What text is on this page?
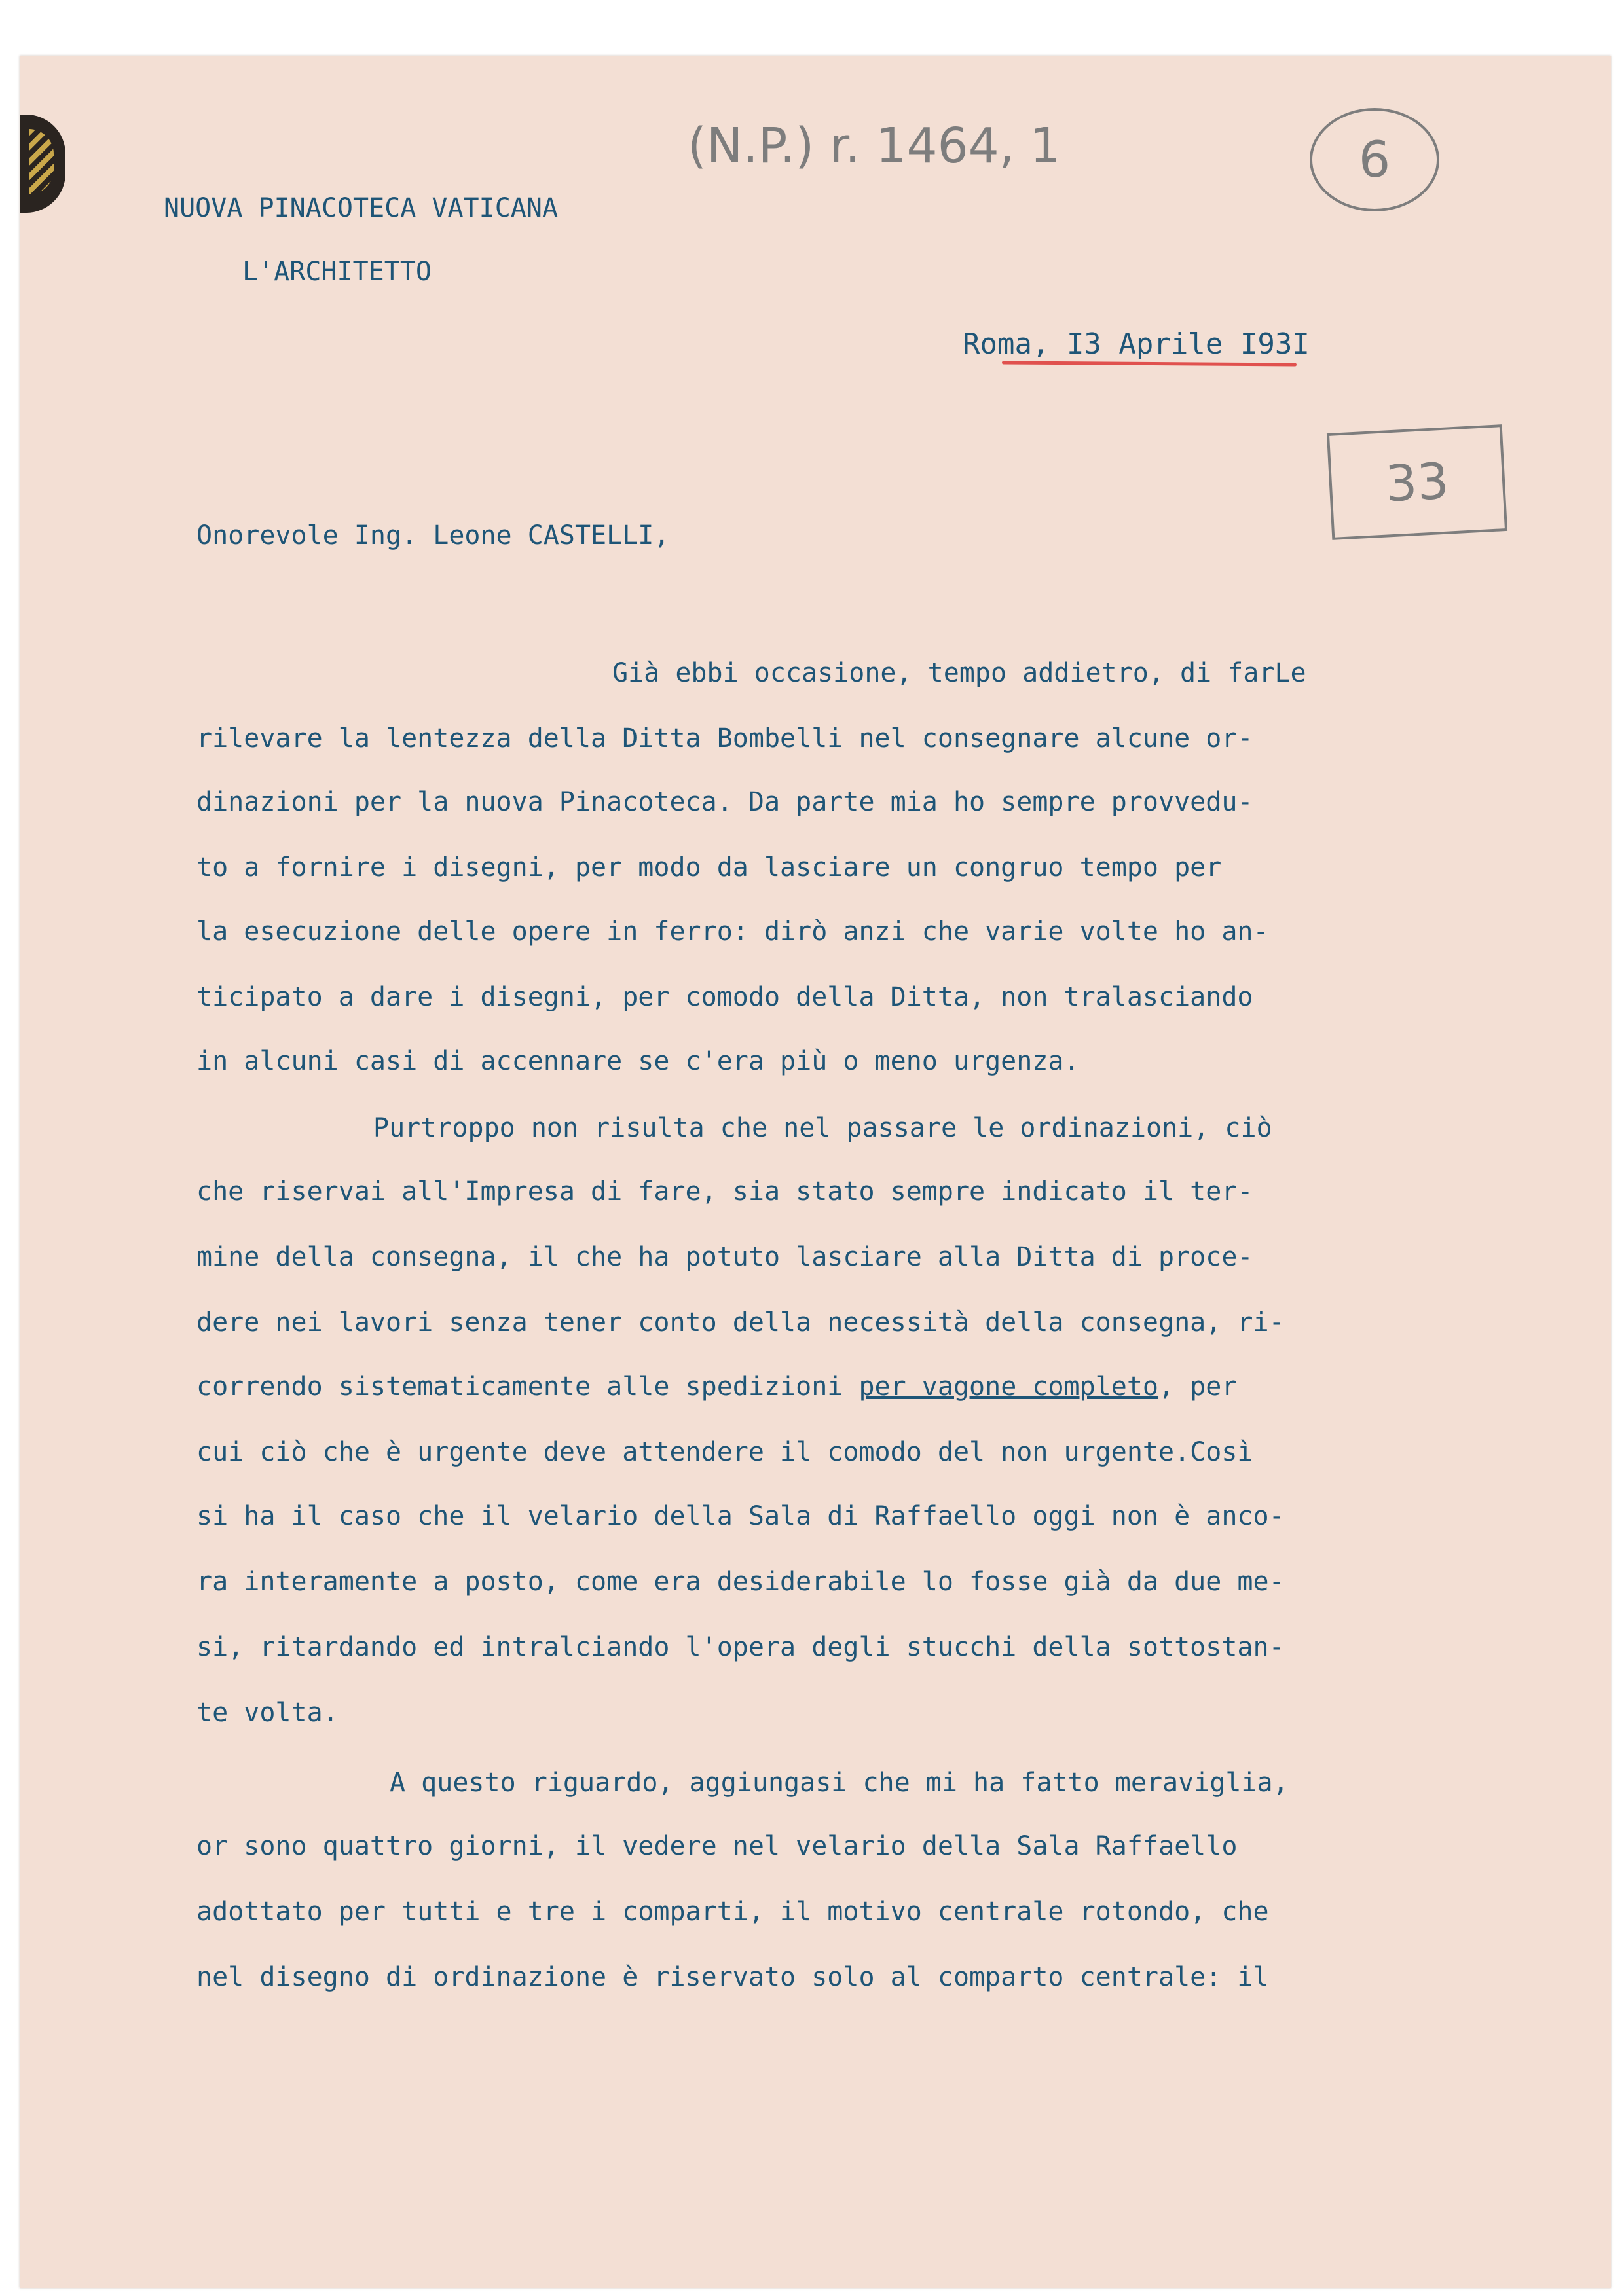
(N.P.) r. 1464, 1	6
33

NUOVA PINACOTECA VATICANA

L'ARCHITETTO

Roma, I3 Aprile I93I

Onorevole Ing. Leone CASTELLI,

Già ebbi occasione, tempo addietro, di farLe

rilevare la lentezza della Ditta Bombelli nel consegnare alcune or-

dinazioni per la nuova Pinacoteca. Da parte mia ho sempre provvedu-

to a fornire i disegni, per modo da lasciare un congruo tempo per

la esecuzione delle opere in ferro: dirò anzi che varie volte ho an-

ticipato a dare i disegni, per comodo della Ditta, non tralasciando

in alcuni casi di accennare se c'era più o meno urgenza.

Purtroppo non risulta che nel passare le ordinazioni, ciò

che riservai all'Impresa di fare, sia stato sempre indicato il ter-

mine della consegna, il che ha potuto lasciare alla Ditta di proce-

dere nei lavori senza tener conto della necessità della consegna, ri-

correndo sistematicamente alle spedizioni per vagone completo, per

cui ciò che è urgente deve attendere il comodo del non urgente.Così

si ha il caso che il velario della Sala di Raffaello oggi non è anco-

ra interamente a posto, come era desiderabile lo fosse già da due me-

si, ritardando ed intralciando l'opera degli stucchi della sottostan-

te volta.

A questo riguardo, aggiungasi che mi ha fatto meraviglia,

or sono quattro giorni, il vedere nel velario della Sala Raffaello

adottato per tutti e tre i comparti, il motivo centrale rotondo, che

nel disegno di ordinazione è riservato solo al comparto centrale: il
